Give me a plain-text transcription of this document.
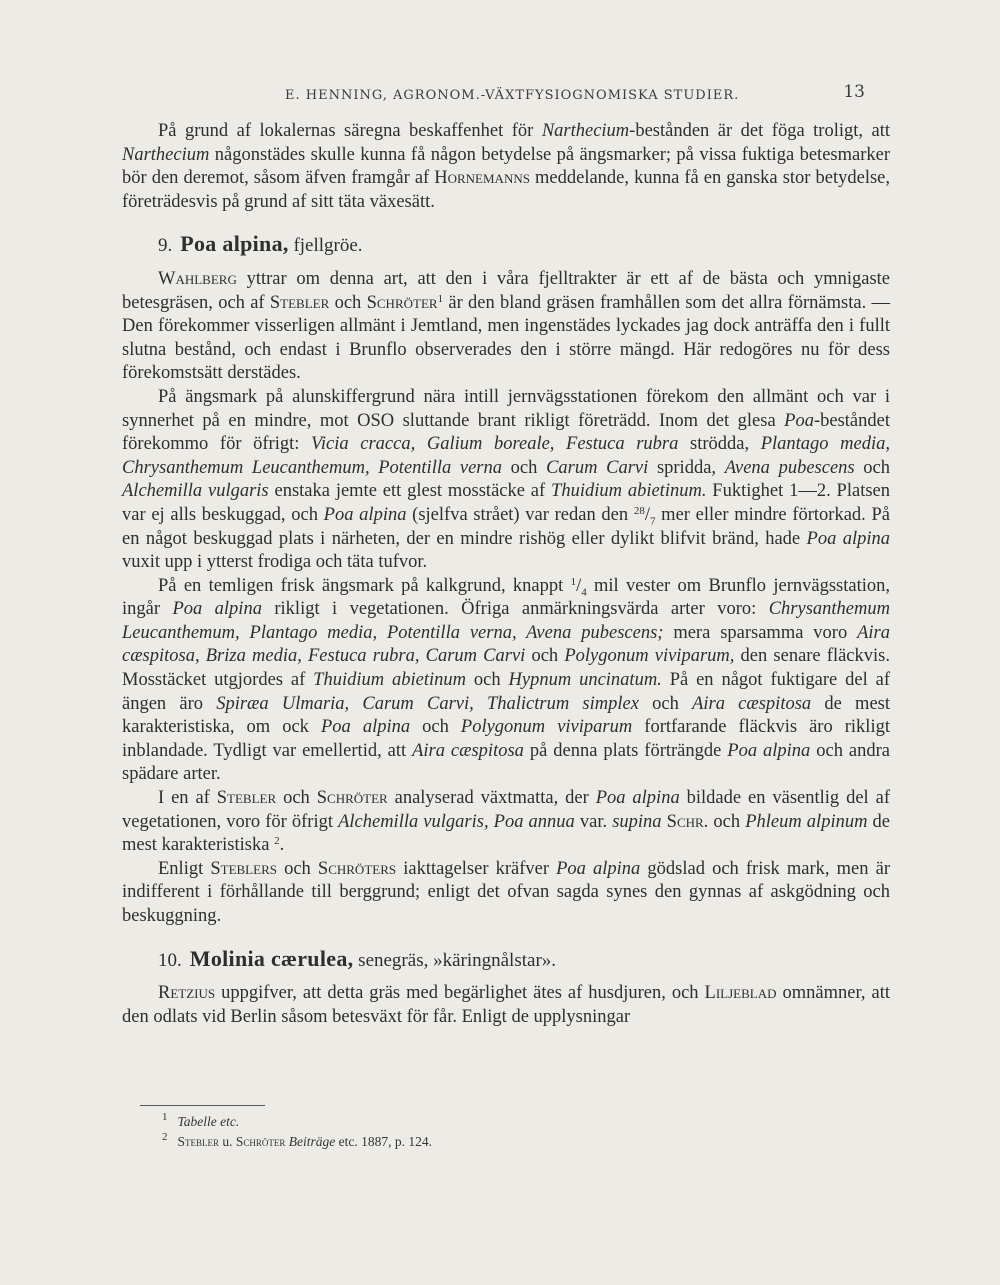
E. HENNING, AGRONOM.-VÄXTFYSIOGNOMISKA STUDIER.	13

På grund af lokalernas säregna beskaffenhet för Narthecium-bestånden är det föga troligt, att Narthecium någonstädes skulle kunna få någon betydelse på ängsmarker; på vissa fuktiga betesmarker bör den deremot, såsom äfven framgår af Hornemanns meddelande, kunna få en ganska stor betydelse, företrädesvis på grund af sitt täta växesätt.

9. Poa alpina, fjellgröe.

Wahlberg yttrar om denna art, att den i våra fjelltrakter är ett af de bästa och ymnigaste betesgräsen, och af Stebler och Schröter$^1$ är den bland gräsen framhållen som det allra förnämsta. — Den förekommer visserligen allmänt i Jemtland, men ingenstädes lyckades jag dock anträffa den i fullt slutna bestånd, och endast i Brunflo observerades den i större mängd. Här redogöres nu för dess förekomstsätt derstädes.

På ängsmark på alunskiffergrund nära intill jernvägsstationen förekom den allmänt och var i synnerhet på en mindre, mot OSO sluttande brant rikligt företrädd. Inom det glesa Poa-beståndet förekommo för öfrigt: Vicia cracca, Galium boreale, Festuca rubra strödda, Plantago media, Chrysanthemum Leucanthemum, Potentilla verna och Carum Carvi spridda, Avena pubescens och Alchemilla vulgaris enstaka jemte ett glest mosstäcke af Thuidium abietinum. Fuktighet 1—2. Platsen var ej alls beskuggad, och Poa alpina (sjelfva strået) var redan den $^{28}/_7$ mer eller mindre förtorkad. På en något beskuggad plats i närheten, der en mindre rishög eller dylikt blifvit bränd, hade Poa alpina vuxit upp i ytterst frodiga och täta tufvor.

På en temligen frisk ängsmark på kalkgrund, knappt $^1/_4$ mil vester om Brunflo jernvägsstation, ingår Poa alpina rikligt i vegetationen. Öfriga anmärkningsvärda arter voro: Chrysanthemum Leucanthemum, Plantago media, Potentilla verna, Avena pubescens; mera sparsamma voro Aira cæspitosa, Briza media, Festuca rubra, Carum Carvi och Polygonum viviparum, den senare fläckvis. Mosstäcket utgjordes af Thuidium abietinum och Hypnum uncinatum. På en något fuktigare del af ängen äro Spiræa Ulmaria, Carum Carvi, Thalictrum simplex och Aira cæspitosa de mest karakteristiska, om ock Poa alpina och Polygonum viviparum fortfarande fläckvis äro rikligt inblandade. Tydligt var emellertid, att Aira cæspitosa på denna plats förträngde Poa alpina och andra spädare arter.

I en af Stebler och Schröter analyserad växtmatta, der Poa alpina bildade en väsentlig del af vegetationen, voro för öfrigt Alchemilla vulgaris, Poa annua var. supina Schr. och Phleum alpinum de mest karakteristiska $^2$.

Enligt Steblers och Schröters iakttagelser kräfver Poa alpina gödslad och frisk mark, men är indifferent i förhållande till berggrund; enligt det ofvan sagda synes den gynnas af askgödning och beskuggning.

10. Molinia cærulea, senegräs, »käringnålstar».

Retzius uppgifver, att detta gräs med begärlighet ätes af husdjuren, och Liljeblad omnämner, att den odlats vid Berlin såsom betesväxt för får. Enligt de upplysningar

$^1$ Tabelle etc.
$^2$ Stebler u. Schröter Beiträge etc. 1887, p. 124.
